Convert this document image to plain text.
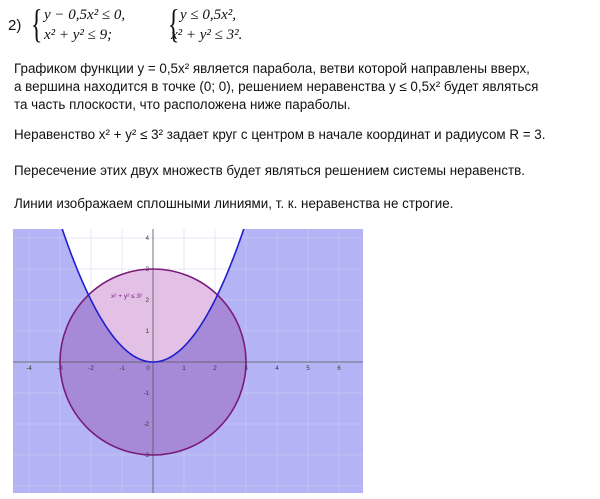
2) { y − 0,5x² ≤ 0,
x² + y² ≤ 9; { y ≤ 0,5x²,
x² + y² ≤ 3².
Графиком функции y = 0,5x² является парабола, ветви которой направлены вверх,
а вершина находится в точке (0; 0), решением неравенства y ≤ 0,5x² будет являться
та часть плоскости, что расположена ниже параболы.
Неравенство x² + y² ≤ 3² задает круг с центром в начале координат и радиусом R = 3.
Пересечение этих двух множеств будет являться решением системы неравенств.
Линии изображаем сплошными линиями, т. к. неравенства не строгие.
-4	-3	-2	-1	0	1	2	3	4	5	6
4
3
2
1
-1
-2
-3
x² + y² ≤ 3²
